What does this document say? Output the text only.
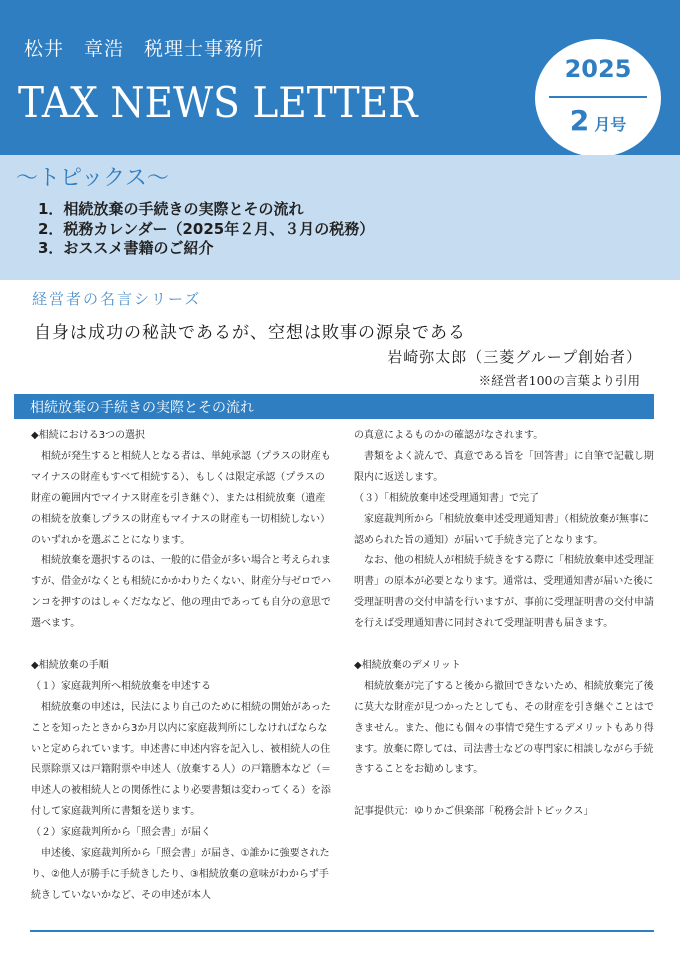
松井　章浩　税理士事務所
TAX NEWS LETTER
2025
2 月号
～トピックス～
1．相続放棄の手続きの実際とその流れ
2．税務カレンダー（2025年２月、３月の税務）
3．おススメ書籍のご紹介
経営者の名言シリーズ
自身は成功の秘訣であるが、空想は敗事の源泉である
岩崎弥太郎（三菱グループ創始者）
※経営者100の言葉より引用
相続放棄の手続きの実際とその流れ

◆相続における3つの選択

相続が発生すると相続人となる者は、単純承認（プラスの財産もマイナスの財産もすべて相続する）、もしくは限定承認（プラスの財産の範囲内でマイナス財産を引き継ぐ）、または相続放棄（遺産の相続を放棄しプラスの財産もマイナスの財産も一切相続しない）のいずれかを選ぶことになります。

相続放棄を選択するのは、一般的に借金が多い場合と考えられますが、借金がなくとも相続にかかわりたくない、財産分与ゼロでハンコを押すのはしゃくだななど、他の理由であっても自分の意思で選べます。

◆相続放棄の手順

（１）家庭裁判所へ相続放棄を申述する

相続放棄の申述は，民法により自己のために相続の開始があったことを知ったときから3か月以内に家庭裁判所にしなければならないと定められています。申述書に申述内容を記入し、被相続人の住民票除票又は戸籍附票や申述人（放棄する人）の戸籍謄本など（＝申述人の被相続人との関係性により必要書類は変わってくる）を添付して家庭裁判所に書類を送ります。

（２）家庭裁判所から「照会書」が届く

申述後、家庭裁判所から「照会書」が届き、①誰かに強要されたり、②他人が勝手に手続きしたり、③相続放棄の意味がわからず手続きしていないかなど、その申述が本人

の真意によるものかの確認がなされます。

書類をよく読んで、真意である旨を「回答書」に自筆で記載し期限内に返送します。

（３）「相続放棄申述受理通知書」で完了

家庭裁判所から「相続放棄申述受理通知書」（相続放棄が無事に認められた旨の通知）が届いて手続き完了となります。

なお、他の相続人が相続手続きをする際に「相続放棄申述受理証明書」の原本が必要となります。通常は、受理通知書が届いた後に受理証明書の交付申請を行いますが、事前に受理証明書の交付申請を行えば受理通知書に同封されて受理証明書も届きます。

◆相続放棄のデメリット

相続放棄が完了すると後から撤回できないため、相続放棄完了後に莫大な財産が見つかったとしても、その財産を引き継ぐことはできません。また、他にも個々の事情で発生するデメリットもあり得ます。放棄に際しては、司法書士などの専門家に相談しながら手続きすることをお勧めします。

記事提供元：ゆりかご倶楽部「税務会計トピックス」
